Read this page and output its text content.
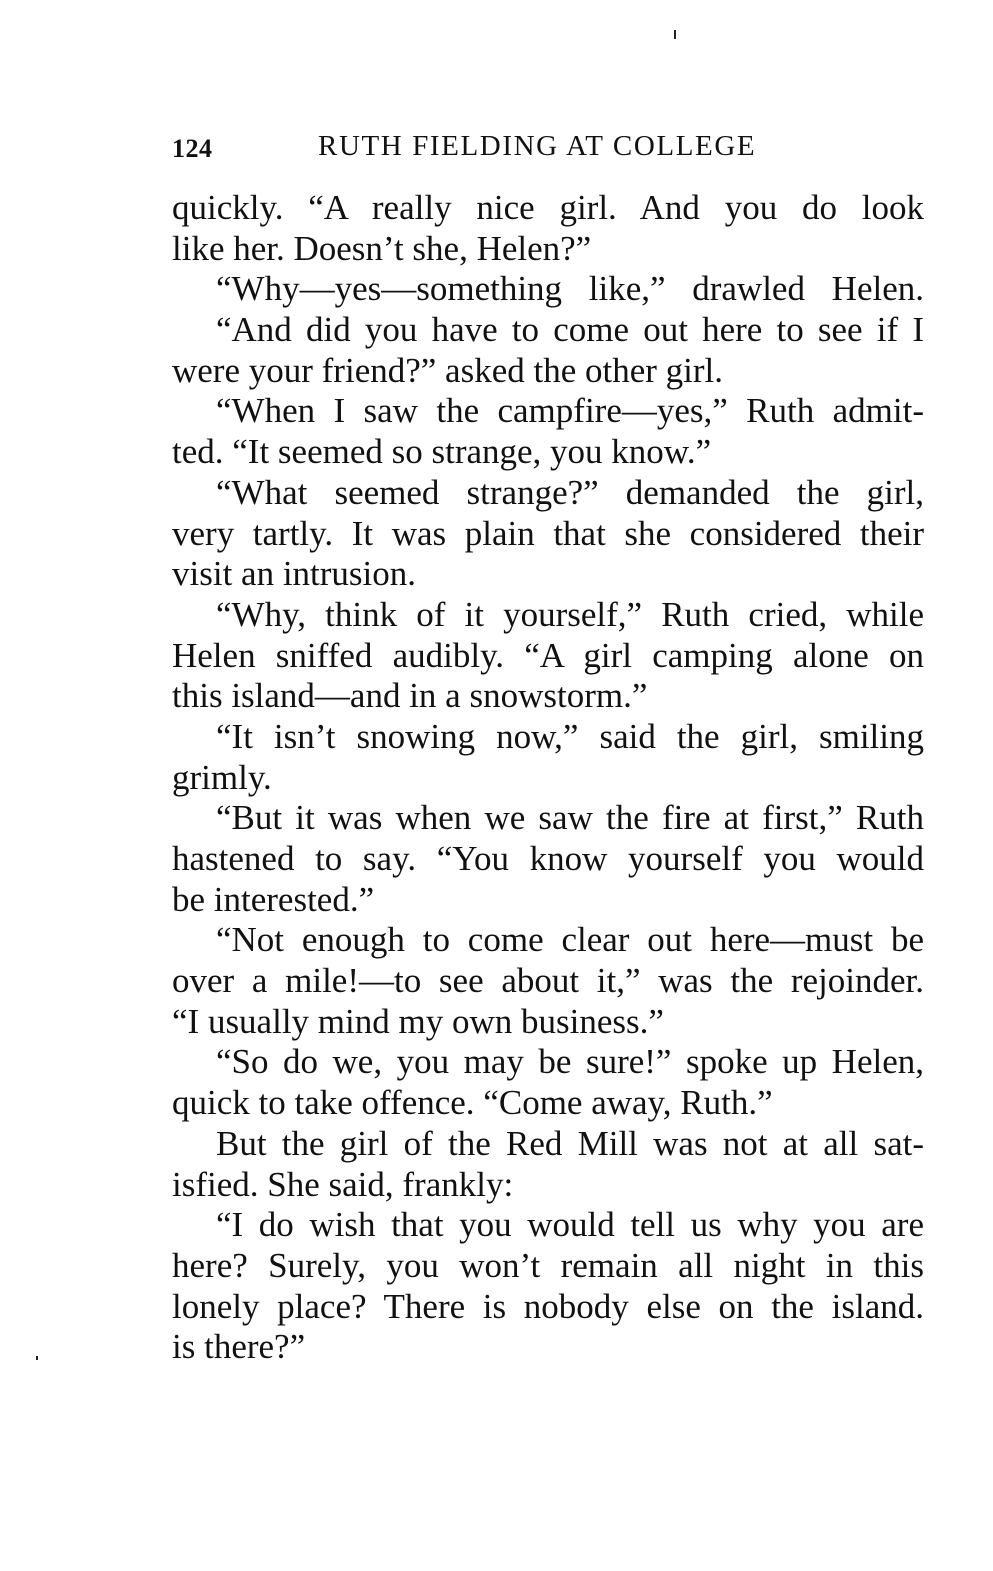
124	RUTH FIELDING AT COLLEGE
quickly. “A really nice girl. And you do look
like her. Doesn’t she, Helen?”
“Why—yes—something like,” drawled Helen.
“And did you have to come out here to see if I
were your friend?” asked the other girl.
“When I saw the campfire—yes,” Ruth admit-
ted. “It seemed so strange, you know.”
“What seemed strange?” demanded the girl,
very tartly. It was plain that she considered their
visit an intrusion.
“Why, think of it yourself,” Ruth cried, while
Helen sniffed audibly. “A girl camping alone on
this island—and in a snowstorm.”
“It isn’t snowing now,” said the girl, smiling
grimly.
“But it was when we saw the fire at first,” Ruth
hastened to say. “You know yourself you would
be interested.”
“Not enough to come clear out here—must be
over a mile!—to see about it,” was the rejoinder.
“I usually mind my own business.”
“So do we, you may be sure!” spoke up Helen,
quick to take offence. “Come away, Ruth.”
But the girl of the Red Mill was not at all sat-
isfied. She said, frankly:
“I do wish that you would tell us why you are
here? Surely, you won’t remain all night in this
lonely place? There is nobody else on the island.
is there?”
